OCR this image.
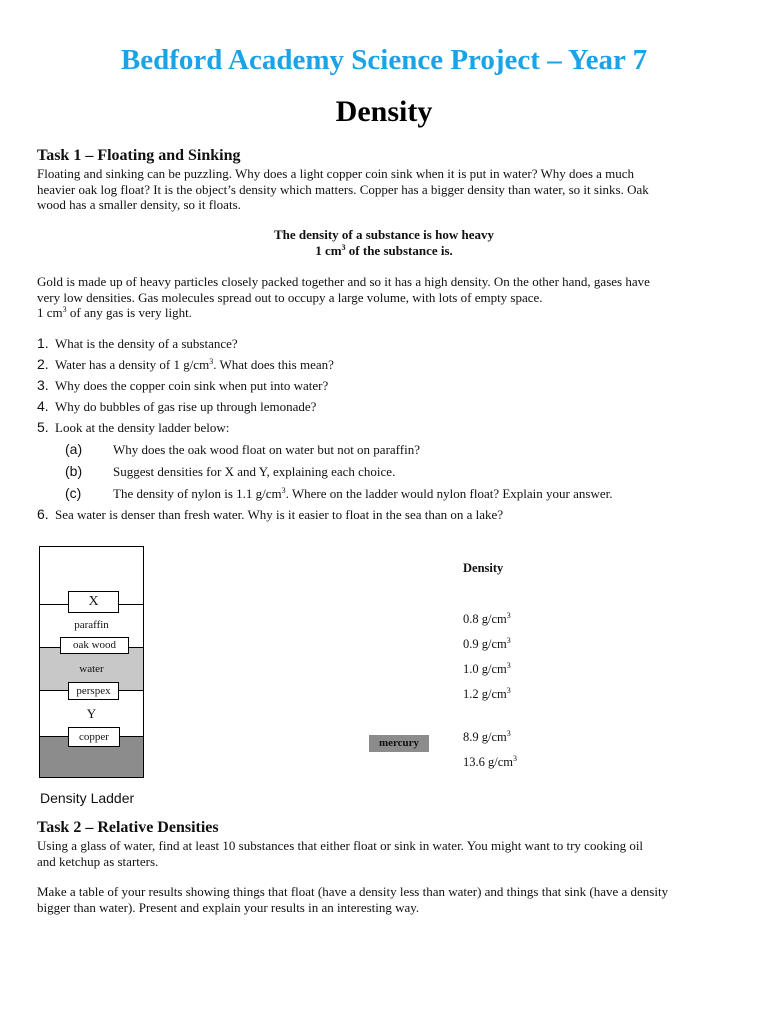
Bedford Academy Science Project – Year 7
Density
Task 1 – Floating and Sinking
Floating and sinking can be puzzling. Why does a light copper coin sink when it is put in water? Why does a much
heavier oak log float? It is the object’s density which matters. Copper has a bigger density than water, so it sinks. Oak
wood has a smaller density, so it floats.
The density of a substance is how heavy
1 $cm^3$ of the substance is.
Gold is made up of heavy particles closely packed together and so it has a high density. On the other hand, gases have
very low densities. Gas molecules spread out to occupy a large volume, with lots of empty space.
1 $cm^3$ of any gas is very light.
1. What is the density of a substance?
2. Water has a density of 1 $g/cm^3$. What does this mean?
3. Why does the copper coin sink when put into water?
4. Why do bubbles of gas rise up through lemonade?
5. Look at the density ladder below:
(a) Why does the oak wood float on water but not on paraffin?
(b) Suggest densities for X and Y, explaining each choice.
(c) The density of nylon is 1.1 $g/cm^3$. Where on the ladder would nylon float? Explain your answer.
6. Sea water is denser than fresh water. Why is it easier to float in the sea than on a lake?
X
paraffin
oak wood
water
perspex
Y
copper	mercury
Density Ladder
Density
0.8 $g/cm^3$
0.9 $g/cm^3$
1.0 $g/cm^3$
1.2 $g/cm^3$
8.9 $g/cm^3$
13.6 $g/cm^3$
Task 2 – Relative Densities
Using a glass of water, find at least 10 substances that either float or sink in water. You might want to try cooking oil
and ketchup as starters.
Make a table of your results showing things that float (have a density less than water) and things that sink (have a density
bigger than water). Present and explain your results in an interesting way.
